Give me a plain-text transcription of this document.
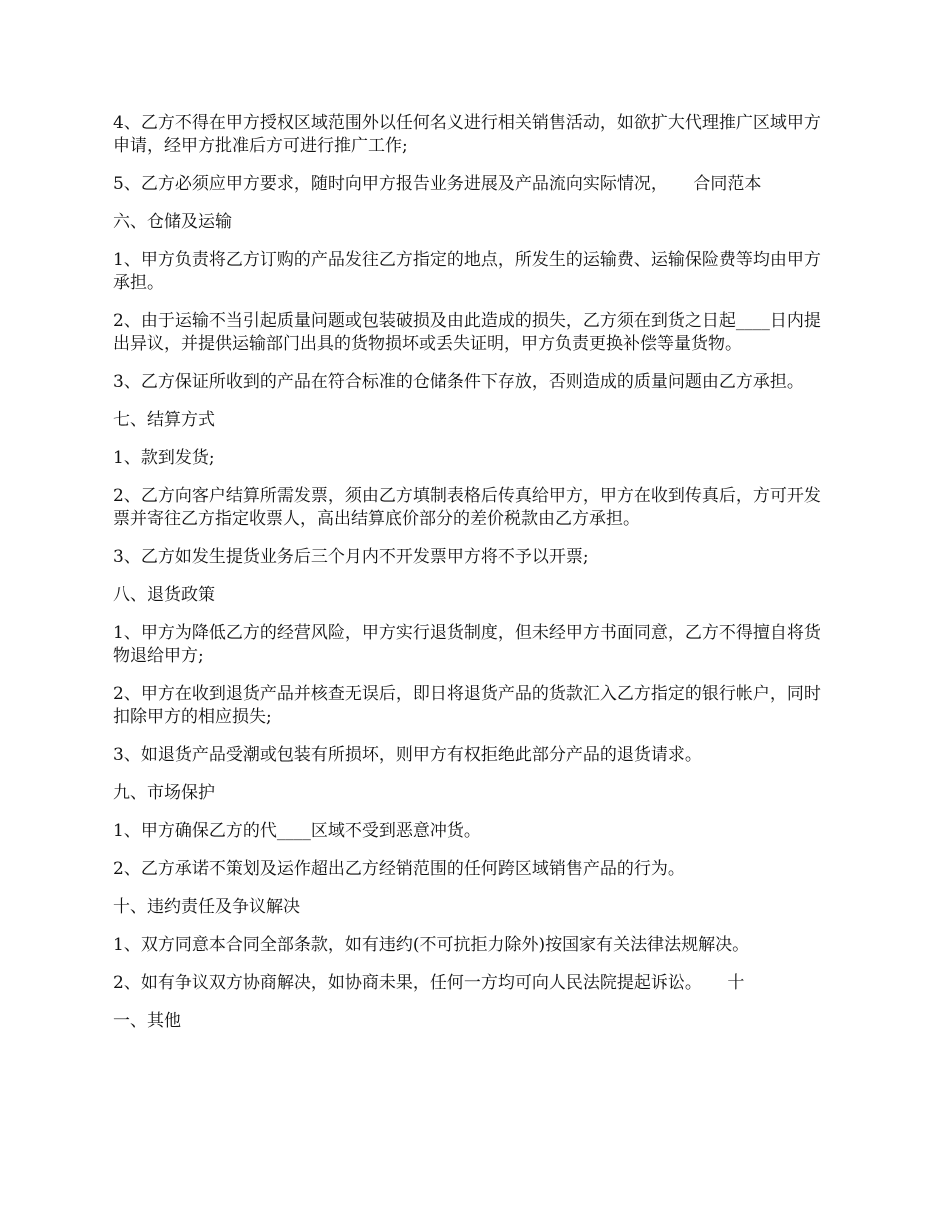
4、乙方不得在甲方授权区域范围外以任何名义进行相关销售活动，如欲扩大代理推广区域甲方申请，经甲方批准后方可进行推广工作;

5、乙方必须应甲方要求，随时向甲方报告业务进展及产品流向实际情况，　　合同范本

六、仓储及运输

1、甲方负责将乙方订购的产品发往乙方指定的地点，所发生的运输费、运输保险费等均由甲方承担。

2、由于运输不当引起质量问题或包装破损及由此造成的损失，乙方须在到货之日起____日内提出异议，并提供运输部门出具的货物损坏或丢失证明，甲方负责更换补偿等量货物。

3、乙方保证所收到的产品在符合标准的仓储条件下存放，否则造成的质量问题由乙方承担。

七、结算方式

1、款到发货;

2、乙方向客户结算所需发票，须由乙方填制表格后传真给甲方，甲方在收到传真后，方可开发票并寄往乙方指定收票人，高出结算底价部分的差价税款由乙方承担。

3、乙方如发生提货业务后三个月内不开发票甲方将不予以开票;

八、退货政策

1、甲方为降低乙方的经营风险，甲方实行退货制度，但未经甲方书面同意，乙方不得擅自将货物退给甲方;

2、甲方在收到退货产品并核查无误后，即日将退货产品的货款汇入乙方指定的银行帐户，同时扣除甲方的相应损失;

3、如退货产品受潮或包装有所损坏，则甲方有权拒绝此部分产品的退货请求。

九、市场保护

1、甲方确保乙方的代____区域不受到恶意冲货。

2、乙方承诺不策划及运作超出乙方经销范围的任何跨区域销售产品的行为。

十、违约责任及争议解决

1、双方同意本合同全部条款，如有违约(不可抗拒力除外)按国家有关法律法规解决。

2、如有争议双方协商解决，如协商未果，任何一方均可向人民法院提起诉讼。　　十

一、其他
